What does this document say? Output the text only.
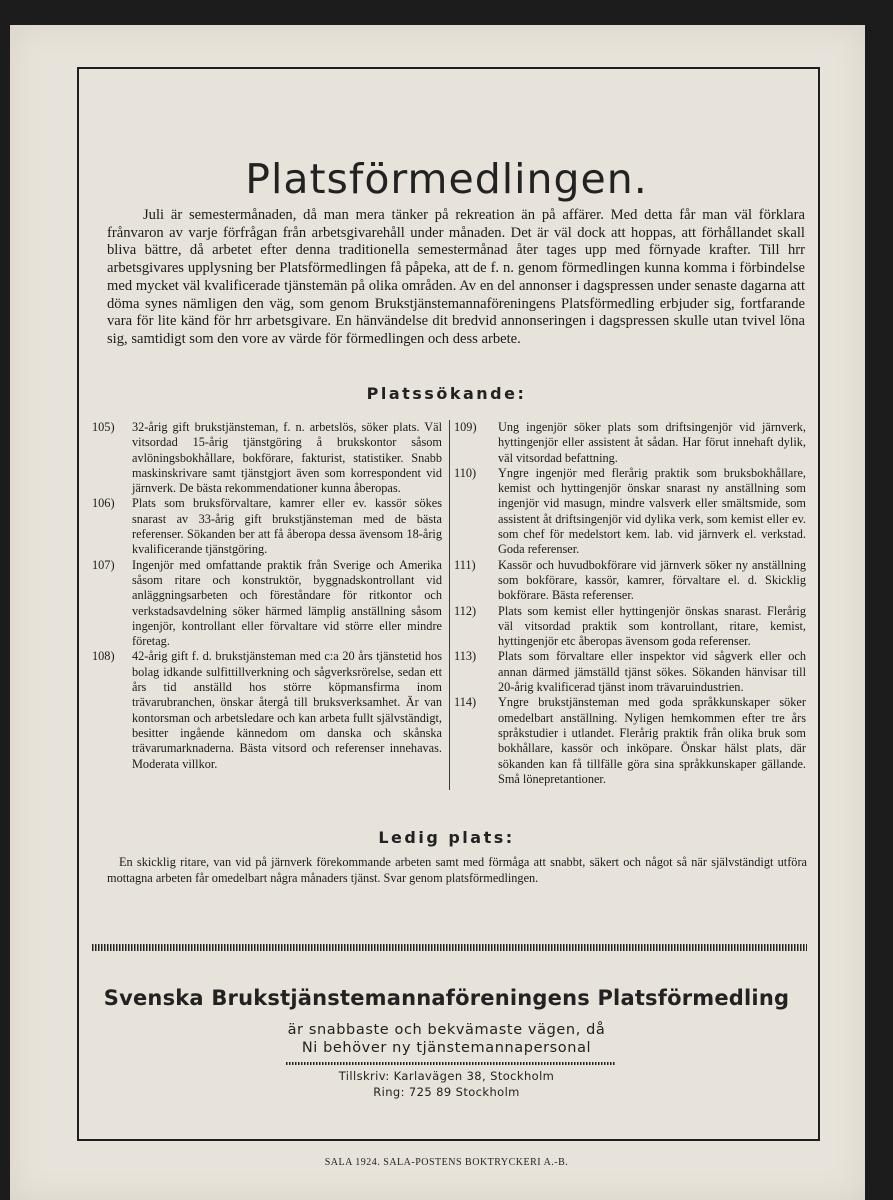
Platsförmedlingen.

Juli är semestermånaden, då man mera tänker på rekreation än på affärer. Med detta får man väl förklara frånvaron av varje förfrågan från arbetsgivarehåll under månaden. Det är väl dock att hoppas, att förhållandet skall bliva bättre, då arbetet efter denna traditionella semestermånad åter tages upp med förnyade krafter. Till hrr arbetsgivares upplysning ber Platsförmedlingen få påpeka, att de f. n. genom förmedlingen kunna komma i förbindelse med mycket väl kvalificerade tjänstemän på olika områden. Av en del annonser i dagspressen under senaste dagarna att döma synes nämligen den väg, som genom Brukstjänstemannaföreningens Platsförmedling erbjuder sig, fortfarande vara för lite känd för hrr arbetsgivare. En hänvändelse dit bredvid annonseringen i dagspressen skulle utan tvivel löna sig, samtidigt som den vore av värde för förmedlingen och dess arbete.

Platssökande:
105)	32-årig gift brukstjänsteman, f. n. arbetslös, söker plats. Väl vitsordad 15-årig tjänstgöring å brukskontor såsom avlöningsbokhållare, bokförare, fakturist, statistiker. Snabb maskinskrivare samt tjänstgjort även som korrespondent vid järnverk. De bästa rekommendationer kunna åberopas.
106)	Plats som bruksförvaltare, kamrer eller ev. kassör sökes snarast av 33-årig gift brukstjänsteman med de bästa referenser. Sökanden ber att få åberopa dessa ävensom 18-årig kvalificerande tjänstgöring.
107)	Ingenjör med omfattande praktik från Sverige och Amerika såsom ritare och konstruktör, byggnadskontrollant vid anläggningsarbeten och föreståndare för ritkontor och verkstadsavdelning söker härmed lämplig anställning såsom ingenjör, kontrollant eller förvaltare vid större eller mindre företag.
108)	42-årig gift f. d. brukstjänsteman med c:a 20 års tjänstetid hos bolag idkande sulfittillverkning och sågverksrörelse, sedan ett års tid anställd hos större köpmansfirma inom trävarubranchen, önskar återgå till bruksverksamhet. Är van kontorsman och arbetsledare och kan arbeta fullt självständigt, besitter ingående kännedom om danska och skånska trävarumarknaderna. Bästa vitsord och referenser innehavas. Moderata villkor.
109)	Ung ingenjör söker plats som driftsingenjör vid järnverk, hyttingenjör eller assistent åt sådan. Har förut innehaft dylik, väl vitsordad befattning.
110)	Yngre ingenjör med flerårig praktik som bruksbokhållare, kemist och hyttingenjör önskar snarast ny anställning som ingenjör vid masugn, mindre valsverk eller smältsmide, som assistent åt driftsingenjör vid dylika verk, som kemist eller ev. som chef för medelstort kem. lab. vid järnverk el. verkstad. Goda referenser.
111)	Kassör och huvudbokförare vid järnverk söker ny anställning som bokförare, kassör, kamrer, förvaltare el. d. Skicklig bokförare. Bästa referenser.
112)	Plats som kemist eller hyttingenjör önskas snarast. Flerårig väl vitsordad praktik som kontrollant, ritare, kemist, hyttingenjör etc åberopas ävensom goda referenser.
113)	Plats som förvaltare eller inspektor vid sågverk eller och annan därmed jämställd tjänst sökes. Sökanden hänvisar till 20-årig kvalificerad tjänst inom trävaruindustrien.
114)	Yngre brukstjänsteman med goda språkkunskaper söker omedelbart anställning. Nyligen hemkommen efter tre års språkstudier i utlandet. Flerårig praktik från olika bruk som bokhållare, kassör och inköpare. Önskar hälst plats, där sökanden kan få tillfälle göra sina språkkunskaper gällande. Små lönepretantioner.
Ledig plats:

En skicklig ritare, van vid på järnverk förekommande arbeten samt med förmåga att snabbt, säkert och något så när självständigt utföra mottagna arbeten får omedelbart några månaders tjänst. Svar genom platsförmedlingen.

Svenska Brukstjänstemannaföreningens Platsförmedling
är snabbaste och bekvämaste vägen, då
Ni behöver ny tjänstemannapersonal
Tillskriv: Karlavägen 38, Stockholm
Ring: 725 89 Stockholm
SALA 1924. SALA-POSTENS BOKTRYCKERI A.-B.
